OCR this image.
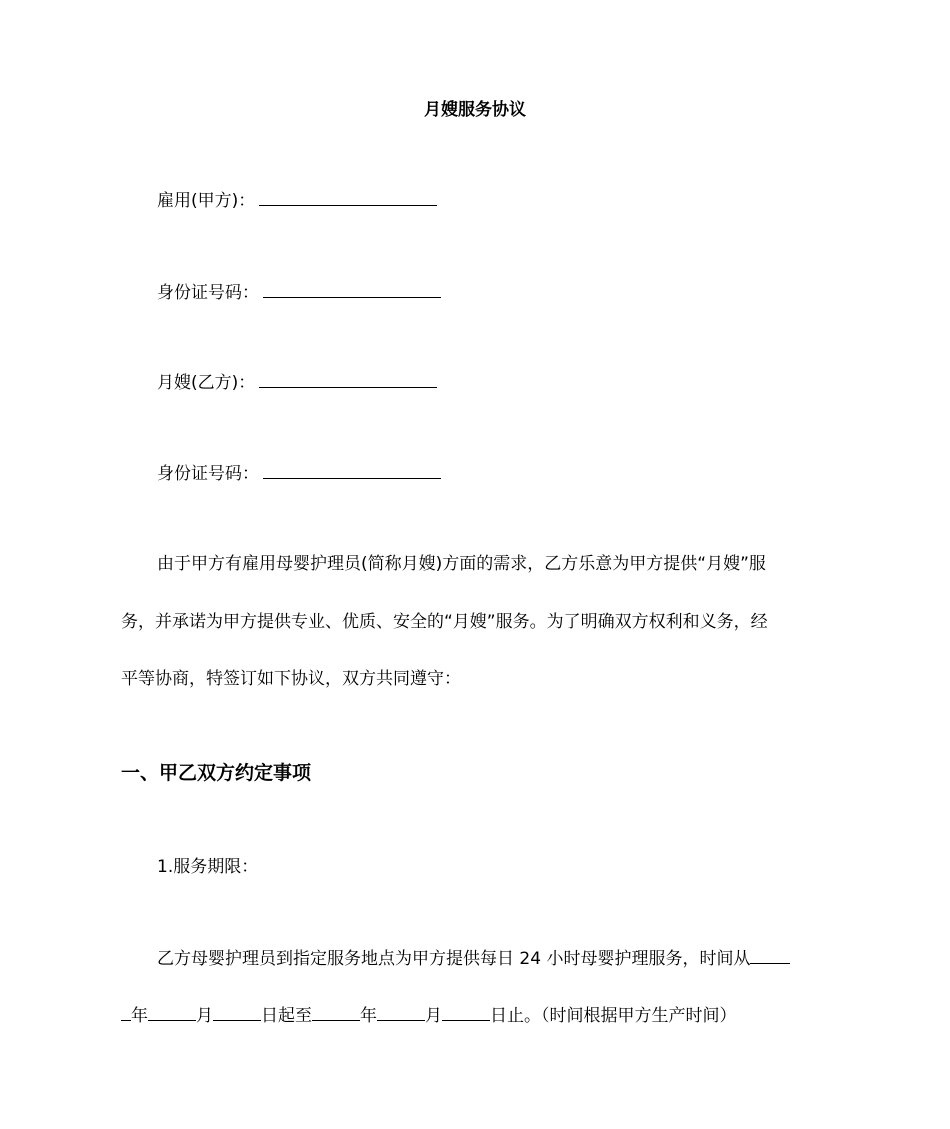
月嫂服务协议

雇用(甲方)：

身份证号码：

月嫂(乙方)：

身份证号码：

由于甲方有雇用母婴护理员(简称月嫂)方面的需求，乙方乐意为甲方提供“月嫂”服

务，并承诺为甲方提供专业、优质、安全的“月嫂”服务。为了明确双方权利和义务，经

平等协商，特签订如下协议，双方共同遵守：

一、甲乙双方约定事项

1.服务期限：

乙方母婴护理员到指定服务地点为甲方提供每日 24 小时母婴护理服务，时间从

年	月	日起至	年	月	日止。（时间根据甲方生产时间）
